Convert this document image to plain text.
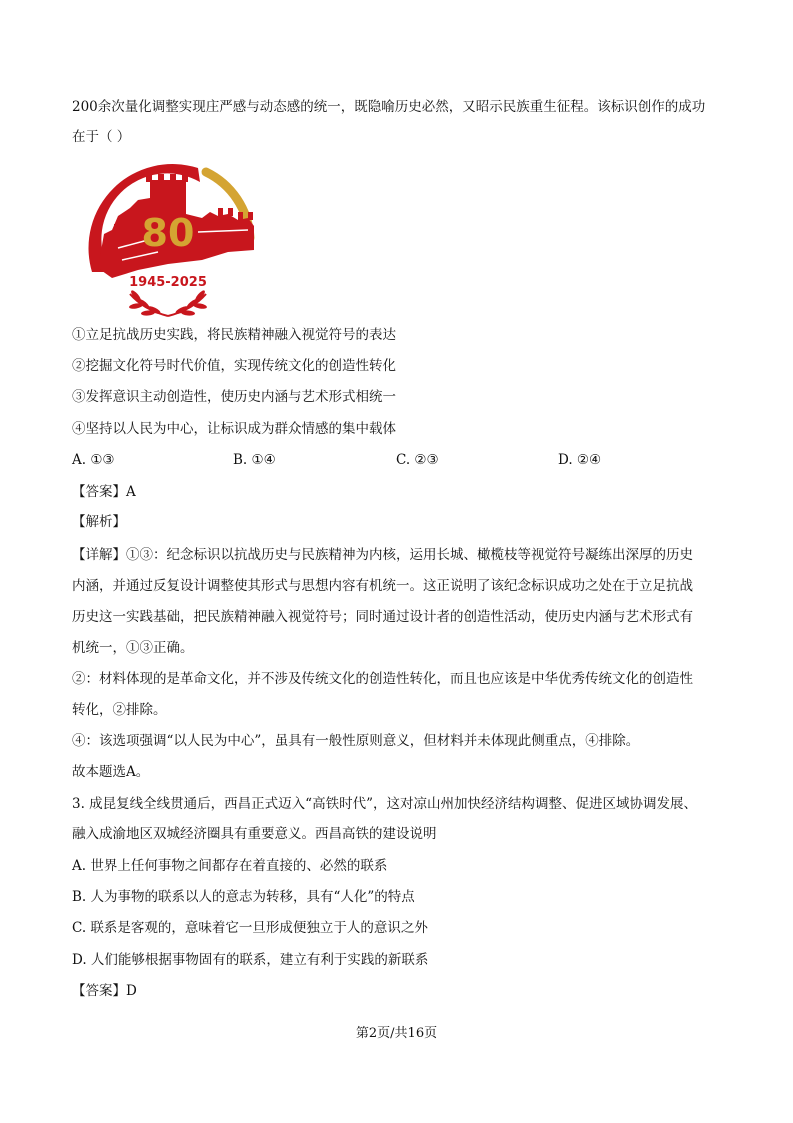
200余次量化调整实现庄严感与动态感的统一，既隐喻历史必然，又昭示民族重生征程。该标识创作的成功
在于（ ）
80
1945-2025
①立足抗战历史实践，将民族精神融入视觉符号的表达
②挖掘文化符号时代价值，实现传统文化的创造性转化
③发挥意识主动创造性，使历史内涵与艺术形式相统一
④坚持以人民为中心，让标识成为群众情感的集中载体
A. ①③	B. ①④	C. ②③	D. ②④
【答案】A
【解析】
【详解】①③：纪念标识以抗战历史与民族精神为内核，运用长城、橄榄枝等视觉符号凝练出深厚的历史
内涵，并通过反复设计调整使其形式与思想内容有机统一。这正说明了该纪念标识成功之处在于立足抗战
历史这一实践基础，把民族精神融入视觉符号；同时通过设计者的创造性活动，使历史内涵与艺术形式有
机统一，①③正确。
②：材料体现的是革命文化，并不涉及传统文化的创造性转化，而且也应该是中华优秀传统文化的创造性
转化，②排除。
④：该选项强调“以人民为中心”，虽具有一般性原则意义，但材料并未体现此侧重点，④排除。
故本题选A。
3. 成昆复线全线贯通后，西昌正式迈入“高铁时代”，这对凉山州加快经济结构调整、促进区域协调发展、
融入成渝地区双城经济圈具有重要意义。西昌高铁的建设说明
A. 世界上任何事物之间都存在着直接的、必然的联系
B. 人为事物的联系以人的意志为转移，具有“人化”的特点
C. 联系是客观的，意味着它一旦形成便独立于人的意识之外
D. 人们能够根据事物固有的联系，建立有利于实践的新联系
【答案】D
第2页/共16页
